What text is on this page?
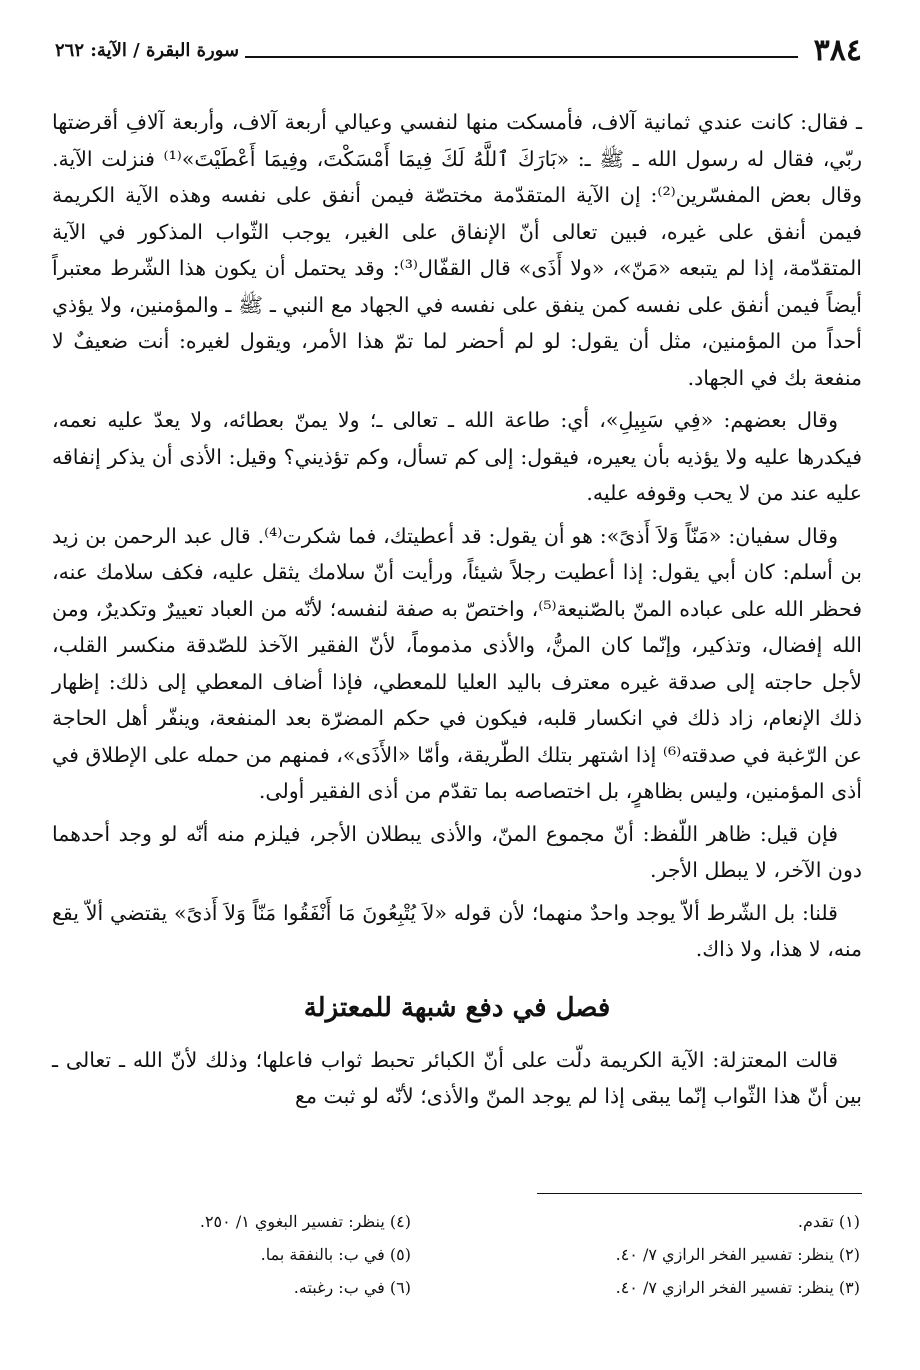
٣٨٤
سورة البقرة / الآية: ٢٦٢

ـ فقال: كانت عندي ثمانية آلاف، فأمسكت منها لنفسي وعيالي أربعة آلاف، وأربعة آلافِ أقرضتها ربّي، فقال له رسول الله ـ ﷺ ـ: «بَارَكَ ٱللَّهُ لَكَ فِيمَا أَمْسَكْتَ، وفِيمَا أَعْطَيْتَ»⁽¹⁾ فنزلت الآية. وقال بعض المفسّرين⁽²⁾: إن الآية المتقدّمة مختصّة فيمن أنفق على نفسه وهذه الآية الكريمة فيمن أنفق على غيره، فبين تعالى أنّ الإنفاق على الغير، يوجب الثّواب المذكور في الآية المتقدّمة، إذا لم يتبعه «مَنّ»، «ولا أَذَى» قال القفّال⁽³⁾: وقد يحتمل أن يكون هذا الشّرط معتبراً أيضاً فيمن أنفق على نفسه كمن ينفق على نفسه في الجهاد مع النبي ـ ﷺ ـ والمؤمنين، ولا يؤذي أحداً من المؤمنين، مثل أن يقول: لو لم أحضر لما تمّ هذا الأمر، ويقول لغيره: أنت ضعيفٌ لا منفعة بك في الجهاد.

وقال بعضهم: «فِي سَبِيلِ»، أي: طاعة الله ـ تعالى ـ؛ ولا يمنّ بعطائه، ولا يعدّ عليه نعمه، فيكدرها عليه ولا يؤذيه بأن يعيره، فيقول: إلى كم تسأل، وكم تؤذيني؟ وقيل: الأذى أن يذكر إنفاقه عليه عند من لا يحب وقوفه عليه.

وقال سفيان: «مَنّاً وَلاَ أَذىً»: هو أن يقول: قد أعطيتك، فما شكرت⁽⁴⁾. قال عبد الرحمن بن زيد بن أسلم: كان أبي يقول: إذا أعطيت رجلاً شيئاً، ورأيت أنّ سلامك يثقل عليه، فكف سلامك عنه، فحظر الله على عباده المنّ بالصّنيعة⁽⁵⁾، واختصّ به صفة لنفسه؛ لأنّه من العباد تعييرٌ وتكديرٌ، ومن الله إفضال، وتذكير، وإنّما كان المنُّ، والأذى مذموماً، لأنّ الفقير الآخذ للصّدقة منكسر القلب، لأجل حاجته إلى صدقة غيره معترف باليد العليا للمعطي، فإذا أضاف المعطي إلى ذلك: إظهار ذلك الإنعام، زاد ذلك في انكسار قلبه، فيكون في حكم المضرّة بعد المنفعة، وينفّر أهل الحاجة عن الرّغبة في صدقته⁽⁶⁾ إذا اشتهر بتلك الطّريقة، وأمّا «الأَذَى»، فمنهم من حمله على الإطلاق في أذى المؤمنين، وليس بظاهرٍ، بل اختصاصه بما تقدّم من أذى الفقير أولى.

فإن قيل: ظاهر اللّفظ: أنّ مجموع المنّ، والأذى يبطلان الأجر، فيلزم منه أنّه لو وجد أحدهما دون الآخر، لا يبطل الأجر.

قلنا: بل الشّرط ألاّ يوجد واحدٌ منهما؛ لأن قوله «لاَ يُتْبِعُونَ مَا أَنْفَقُوا مَنّاً وَلاَ أَذىً» يقتضي ألاّ يقع منه، لا هذا، ولا ذاك.

فصل في دفع شبهة للمعتزلة

قالت المعتزلة: الآية الكريمة دلّت على أنّ الكبائر تحبط ثواب فاعلها؛ وذلك لأنّ الله ـ تعالى ـ بين أنّ هذا الثّواب إنّما يبقى إذا لم يوجد المنّ والأذى؛ لأنّه لو ثبت مع

(١) تقدم.
(٢) ينظر: تفسير الفخر الرازي ٧/ ٤٠.
(٣) ينظر: تفسير الفخر الرازي ٧/ ٤٠.
(٤) ينظر: تفسير البغوي ١/ ٢٥٠.
(٥) في ب: بالنفقة بما.
(٦) في ب: رغبته.
